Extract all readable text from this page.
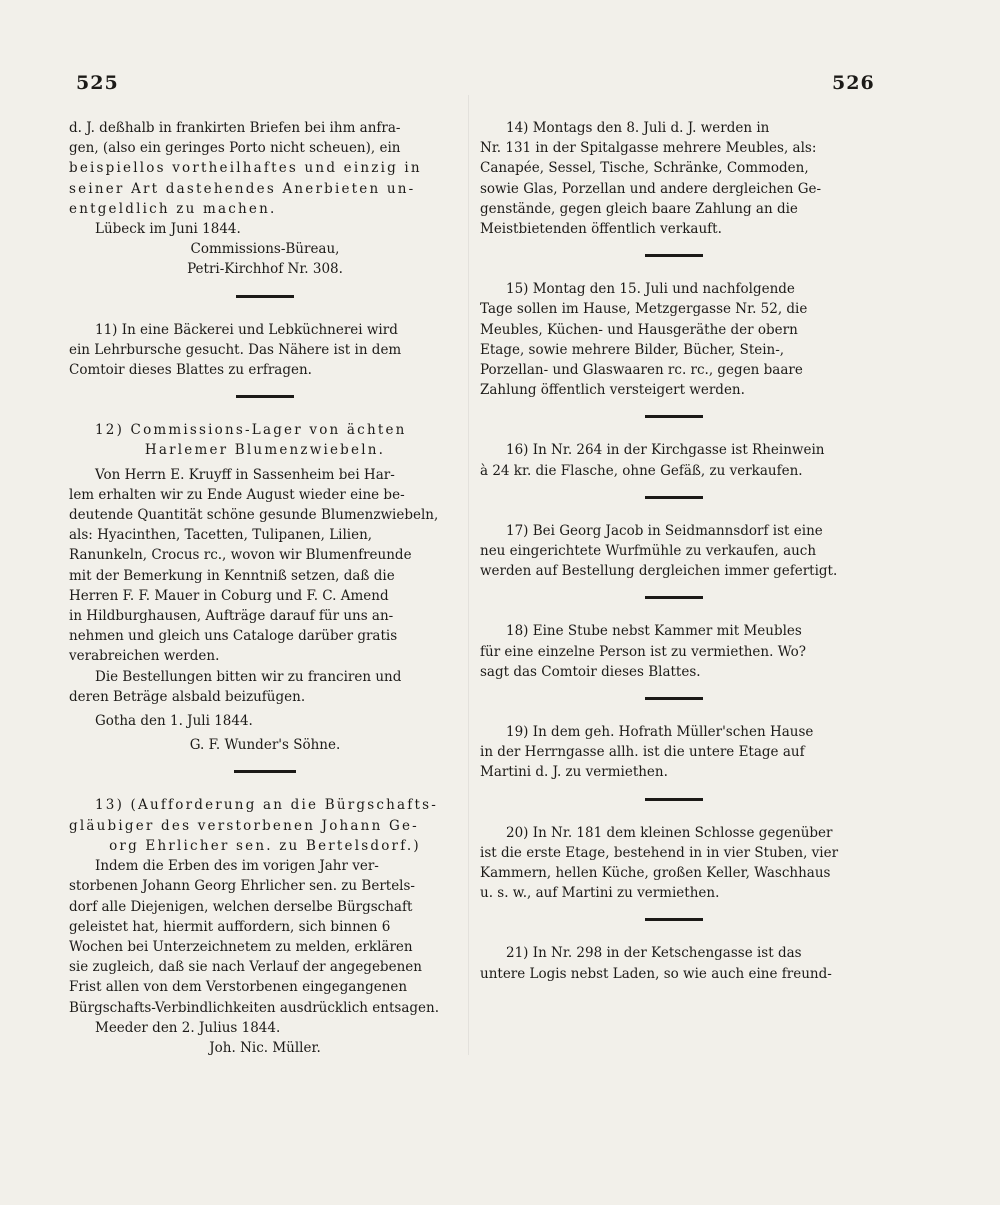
525	526

d. J. deßhalb in frankirten Briefen bei ihm anfra-

gen, (also ein geringes Porto nicht scheuen), ein

beispiellos vortheilhaftes und einzig in

seiner Art dastehendes Anerbieten un-

entgeldlich zu machen.

Lübeck im Juni 1844.

Commissions-Büreau,

Petri-Kirchhof Nr. 308.

11) In eine Bäckerei und Lebküchnerei wird

ein Lehrbursche gesucht. Das Nähere ist in dem

Comtoir dieses Blattes zu erfragen.

12) Commissions-Lager von ächten

Harlemer Blumenzwiebeln.

Von Herrn E. Kruyff in Sassenheim bei Har-

lem erhalten wir zu Ende August wieder eine be-

deutende Quantität schöne gesunde Blumenzwiebeln,

als: Hyacinthen, Tacetten, Tulipanen, Lilien,

Ranunkeln, Crocus rc., wovon wir Blumenfreunde

mit der Bemerkung in Kenntniß setzen, daß die

Herren F. F. Mauer in Coburg und F. C. Amend

in Hildburghausen, Aufträge darauf für uns an-

nehmen und gleich uns Cataloge darüber gratis

verabreichen werden.

Die Bestellungen bitten wir zu franciren und

deren Beträge alsbald beizufügen.

Gotha den 1. Juli 1844.

G. F. Wunder's Söhne.

13) (Aufforderung an die Bürgschafts-

gläubiger des verstorbenen Johann Ge-

org Ehrlicher sen. zu Bertelsdorf.)

Indem die Erben des im vorigen Jahr ver-

storbenen Johann Georg Ehrlicher sen. zu Bertels-

dorf alle Diejenigen, welchen derselbe Bürgschaft

geleistet hat, hiermit auffordern, sich binnen 6

Wochen bei Unterzeichnetem zu melden, erklären

sie zugleich, daß sie nach Verlauf der angegebenen

Frist allen von dem Verstorbenen eingegangenen

Bürgschafts-Verbindlichkeiten ausdrücklich entsagen.

Meeder den 2. Julius 1844.

Joh. Nic. Müller.

14) Montags den 8. Juli d. J. werden in

Nr. 131 in der Spitalgasse mehrere Meubles, als:

Canapée, Sessel, Tische, Schränke, Commoden,

sowie Glas, Porzellan und andere dergleichen Ge-

genstände, gegen gleich baare Zahlung an die

Meistbietenden öffentlich verkauft.

15) Montag den 15. Juli und nachfolgende

Tage sollen im Hause, Metzgergasse Nr. 52, die

Meubles, Küchen- und Hausgeräthe der obern

Etage, sowie mehrere Bilder, Bücher, Stein-,

Porzellan- und Glaswaaren rc. rc., gegen baare

Zahlung öffentlich versteigert werden.

16) In Nr. 264 in der Kirchgasse ist Rheinwein

à 24 kr. die Flasche, ohne Gefäß, zu verkaufen.

17) Bei Georg Jacob in Seidmannsdorf ist eine

neu eingerichtete Wurfmühle zu verkaufen, auch

werden auf Bestellung dergleichen immer gefertigt.

18) Eine Stube nebst Kammer mit Meubles

für eine einzelne Person ist zu vermiethen. Wo?

sagt das Comtoir dieses Blattes.

19) In dem geh. Hofrath Müller'schen Hause

in der Herrngasse allh. ist die untere Etage auf

Martini d. J. zu vermiethen.

20) In Nr. 181 dem kleinen Schlosse gegenüber

ist die erste Etage, bestehend in in vier Stuben, vier

Kammern, hellen Küche, großen Keller, Waschhaus

u. s. w., auf Martini zu vermiethen.

21) In Nr. 298 in der Ketschengasse ist das

untere Logis nebst Laden, so wie auch eine freund-
